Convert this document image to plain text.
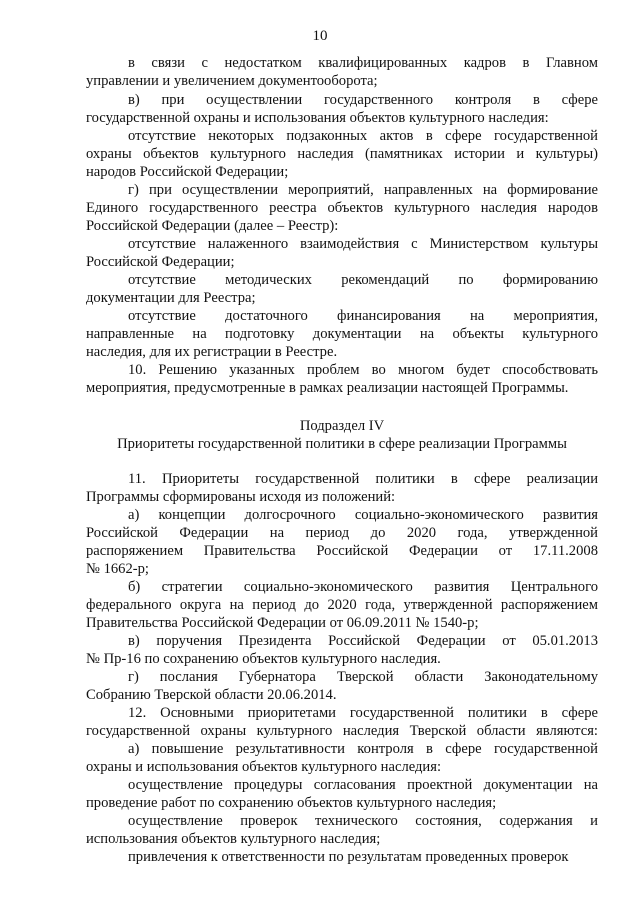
10
в связи с недостатком квалифицированных кадров в Главном
управлении и увеличением документооборота;
в) при осуществлении государственного контроля в сфере
государственной охраны и использования объектов культурного наследия:
отсутствие некоторых подзаконных актов в сфере государственной
охраны объектов культурного наследия (памятниках истории и культуры)
народов Российской Федерации;
г) при осуществлении мероприятий, направленных на формирование
Единого государственного реестра объектов культурного наследия народов
Российской Федерации (далее – Реестр):
отсутствие налаженного взаимодействия с Министерством культуры
Российской Федерации;
отсутствие методических рекомендаций по формированию
документации для Реестра;
отсутствие достаточного финансирования на мероприятия,
направленные на подготовку документации на объекты культурного
наследия, для их регистрации в Реестре.
10. Решению указанных проблем во многом будет способствовать
мероприятия, предусмотренные в рамках реализации настоящей Программы.
Подраздел IV
Приоритеты государственной политики в сфере реализации Программы
11. Приоритеты государственной политики в сфере реализации
Программы сформированы исходя из положений:
а) концепции долгосрочного социально-экономического развития
Российской Федерации на период до 2020 года, утвержденной
распоряжением Правительства Российской Федерации от 17.11.2008
№ 1662-р;
б) стратегии социально-экономического развития Центрального
федерального округа на период до 2020 года, утвержденной распоряжением
Правительства Российской Федерации от 06.09.2011 № 1540-р;
в) поручения Президента Российской Федерации от 05.01.2013
№ Пр-16 по сохранению объектов культурного наследия.
г) послания Губернатора Тверской области Законодательному
Собранию Тверской области 20.06.2014.
12. Основными приоритетами государственной политики в сфере
государственной охраны культурного наследия Тверской области являются:
а) повышение результативности контроля в сфере государственной
охраны и использования объектов культурного наследия:
осуществление процедуры согласования проектной документации на
проведение работ по сохранению объектов культурного наследия;
осуществление проверок технического состояния, содержания и
использования объектов культурного наследия;
привлечения к ответственности по результатам проведенных проверок
